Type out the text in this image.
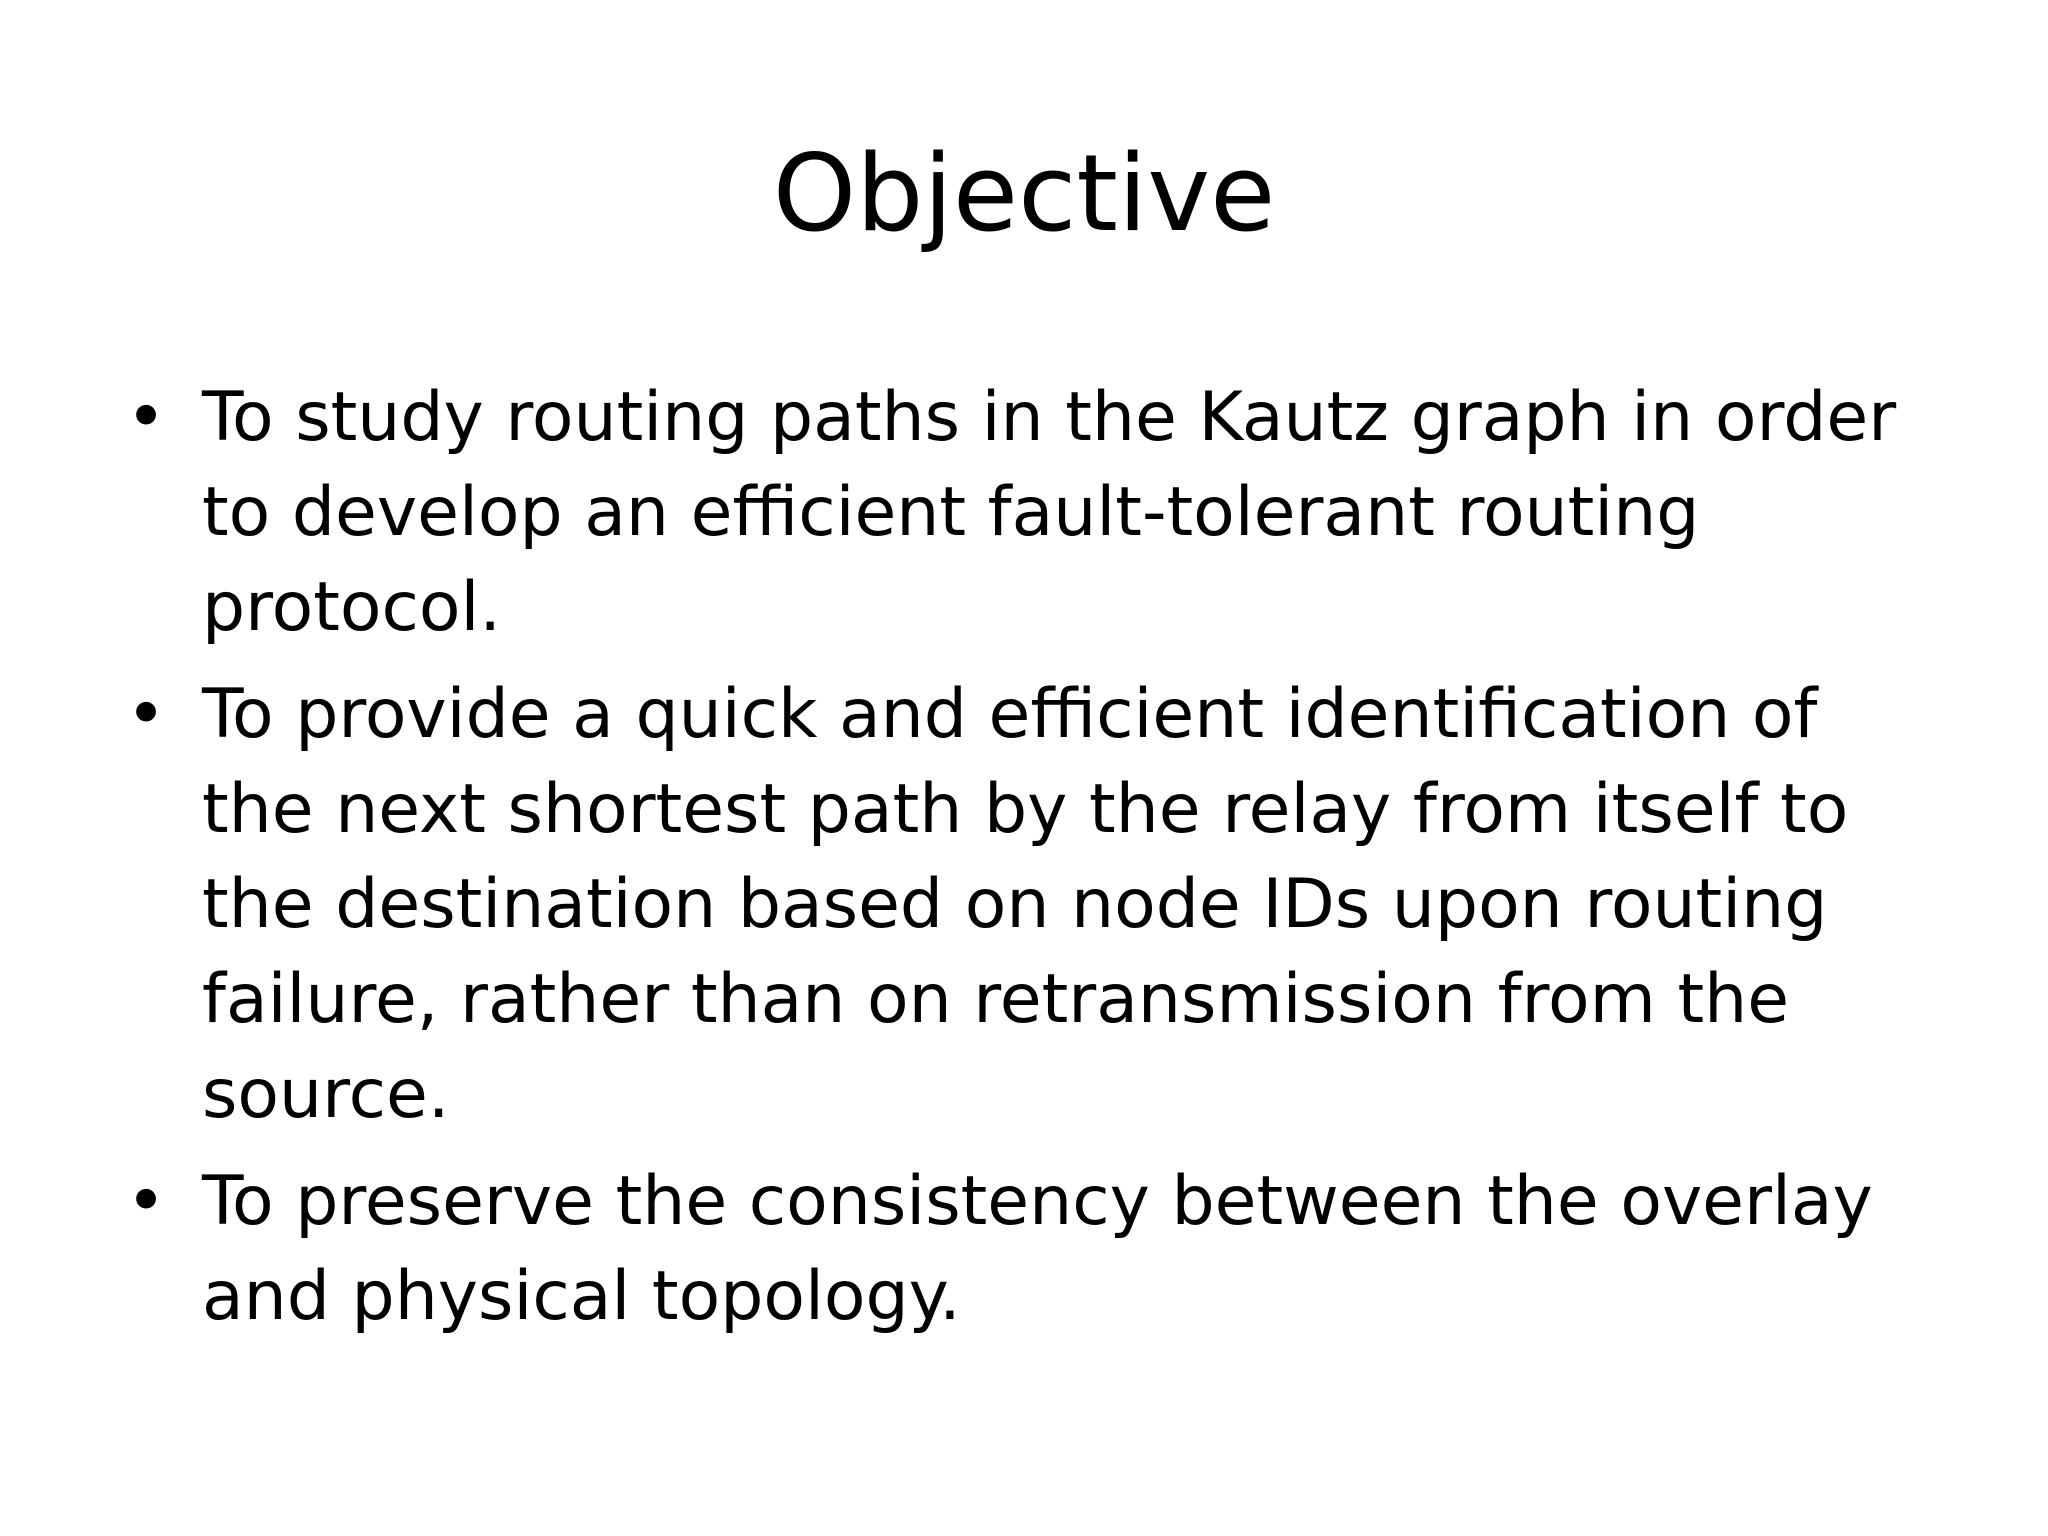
Objective
• To study routing paths in the Kautz graph in order to develop an efficient fault-tolerant routing protocol.
• To provide a quick and efficient identification of the next shortest path by the relay from itself to the destination based on node IDs upon routing failure, rather than on retransmission from the source.
• To preserve the consistency between the overlay and physical topology.
